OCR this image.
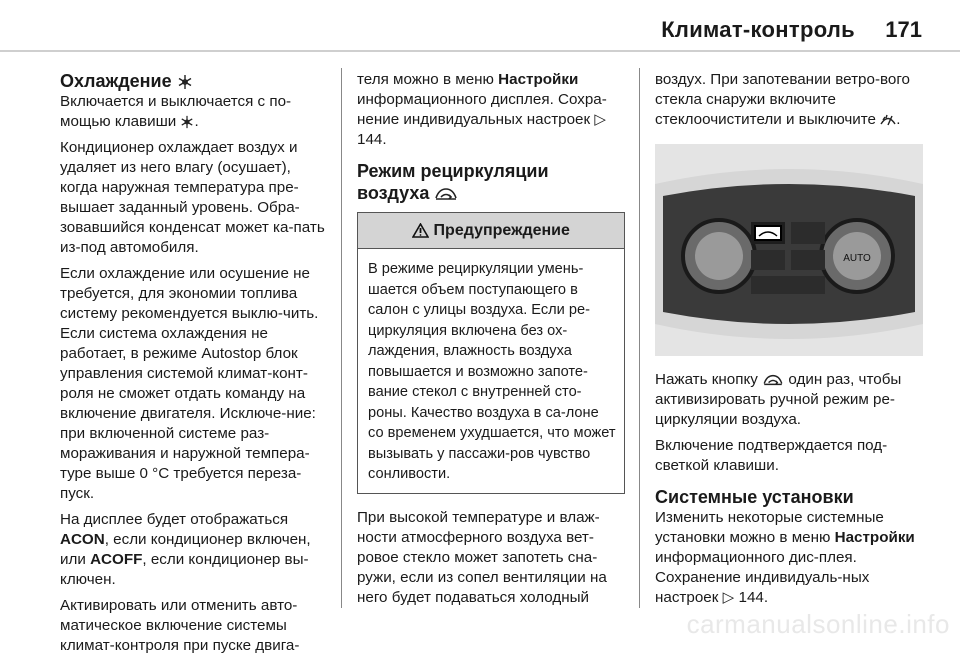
Климат-контроль 171
Охлаждение

Включается и выключается с по-мощью клавиши .

Кондиционер охлаждает воздух и удаляет из него влагу (осушает), когда наружная температура пре-вышает заданный уровень. Обра-зовавшийся конденсат может ка-пать из-под автомобиля.

Если охлаждение или осушение не требуется, для экономии топлива систему рекомендуется выклю-чить. Если система охлаждения не работает, в режиме Autostop блок управления системой климат-конт-роля не сможет отдать команду на включение двигателя. Исключе-ние: при включенной системе раз-мораживания и наружной темпера-туре выше 0 °C требуется переза-пуск.

На дисплее будет отображаться ACON, если кондиционер включен, или ACOFF, если кондиционер вы-ключен.

Активировать или отменить авто-матическое включение системы климат-контроля при пуске двига-

теля можно в меню Настройки информационного дисплея. Сохра-нение индивидуальных настроек ▷ 144.

Режим рециркуляции
воздуха
Предупреждение
В режиме рециркуляции умень-шается объем поступающего в салон с улицы воздуха. Если ре-циркуляция включена без ох-лаждения, влажность воздуха повышается и возможно запоте-вание стекол с внутренней сто-роны. Качество воздуха в са-лоне со временем ухудшается, что может вызывать у пассажи-ров чувство сонливости.

При высокой температуре и влаж-ности атмосферного воздуха вет-ровое стекло может запотеть сна-ружи, если из сопел вентиляции на него будет подаваться холодный

воздух. При запотевании ветро-вого стекла снаружи включите стеклоочистители и выключите .

AUTO

Нажать кнопку один раз, чтобы активизировать ручной режим ре-циркуляции воздуха.

Включение подтверждается под-светкой клавиши.

Системные установки

Изменить некоторые системные установки можно в меню Настройки информационного дис-плея. Сохранение индивидуаль-ных настроек ▷ 144.

carmanualsonline.info
